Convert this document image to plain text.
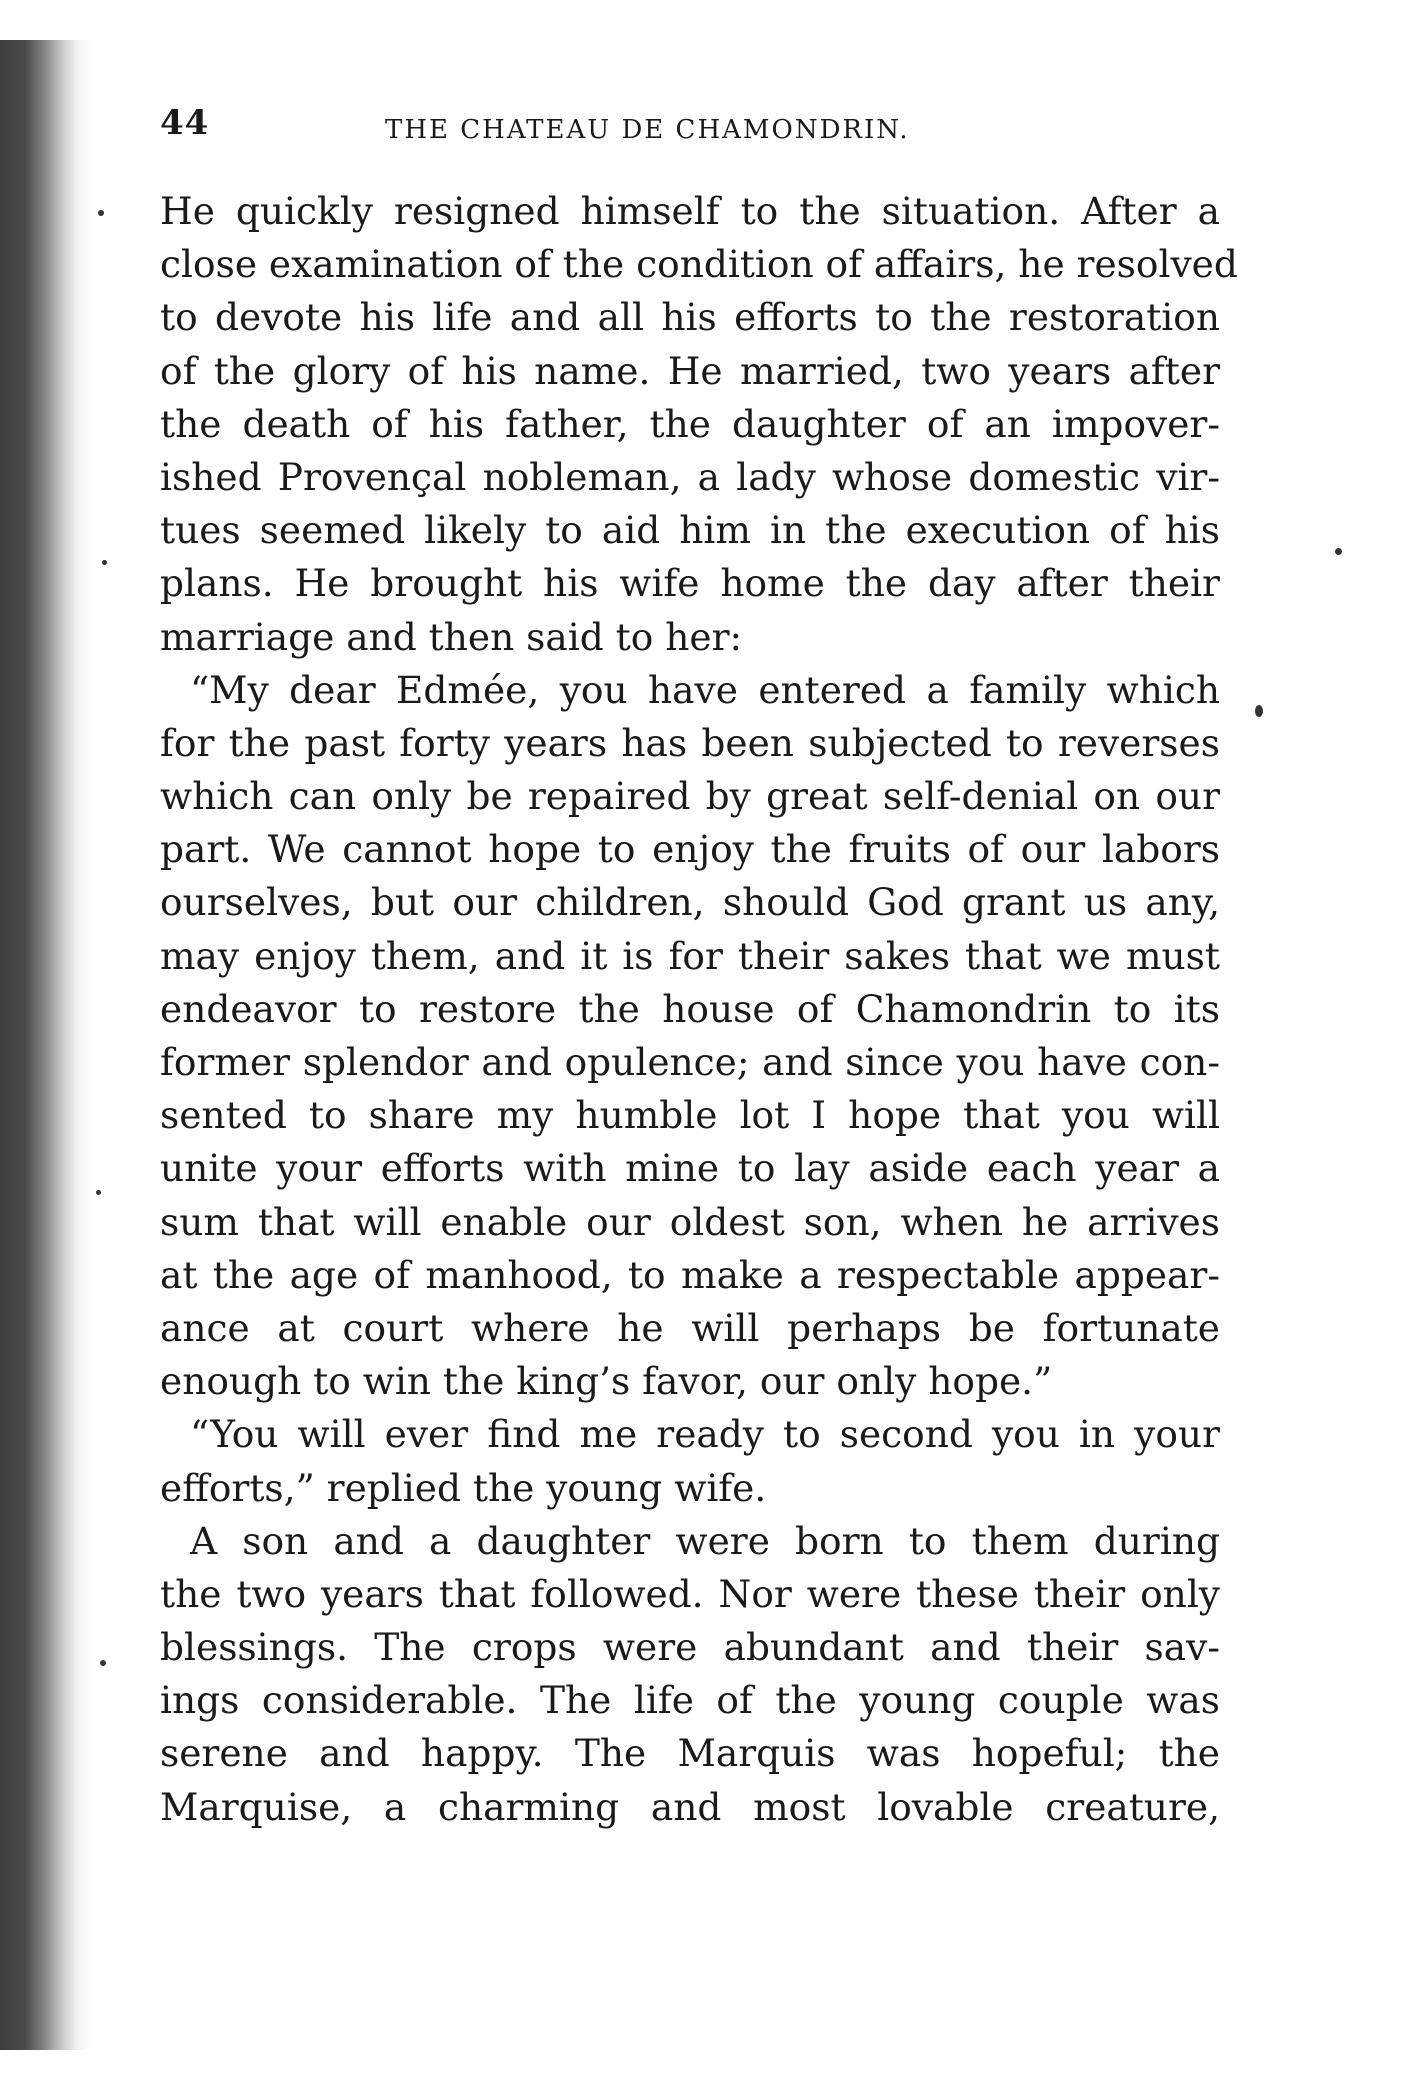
44	THE CHATEAU DE CHAMONDRIN.
He quickly resigned himself to the situation. After a
close examination of the condition of affairs, he resolved
to devote his life and all his efforts to the restoration
of the glory of his name. He married, two years after
the death of his father, the daughter of an impover-
ished Provençal nobleman, a lady whose domestic vir-
tues seemed likely to aid him in the execution of his
plans. He brought his wife home the day after their
marriage and then said to her:
“My dear Edmée, you have entered a family which
for the past forty years has been subjected to reverses
which can only be repaired by great self-denial on our
part. We cannot hope to enjoy the fruits of our labors
ourselves, but our children, should God grant us any,
may enjoy them, and it is for their sakes that we must
endeavor to restore the house of Chamondrin to its
former splendor and opulence; and since you have con-
sented to share my humble lot I hope that you will
unite your efforts with mine to lay aside each year a
sum that will enable our oldest son, when he arrives
at the age of manhood, to make a respectable appear-
ance at court where he will perhaps be fortunate
enough to win the king’s favor, our only hope.”
“You will ever find me ready to second you in your
efforts,” replied the young wife.
A son and a daughter were born to them during
the two years that followed. Nor were these their only
blessings. The crops were abundant and their sav-
ings considerable. The life of the young couple was
serene and happy. The Marquis was hopeful; the
Marquise, a charming and most lovable creature,
